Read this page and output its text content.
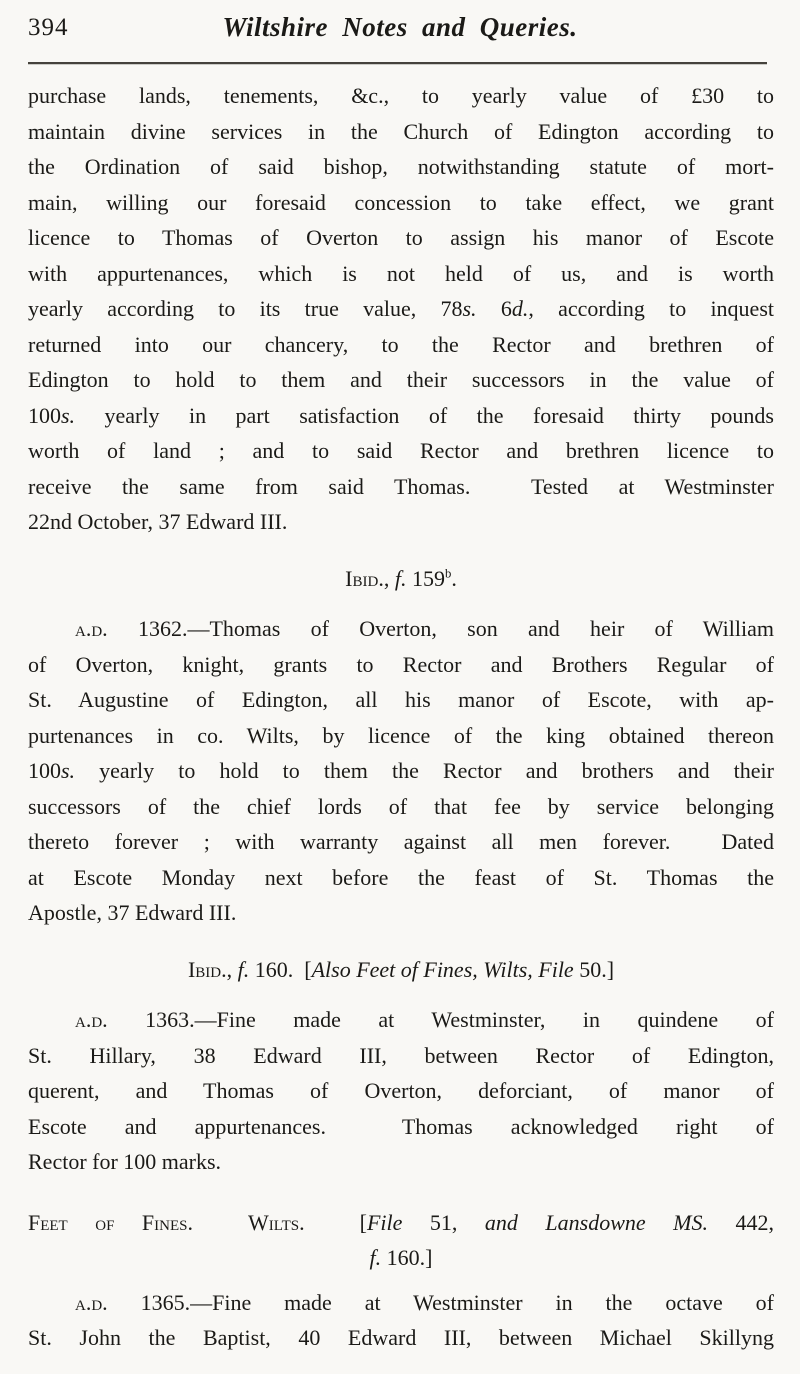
394	Wiltshire Notes and Queries.
purchase lands, tenements, &c., to yearly value of £30 to
maintain divine services in the Church of Edington according to
the Ordination of said bishop, notwithstanding statute of mort-
main, willing our foresaid concession to take effect, we grant
licence to Thomas of Overton to assign his manor of Escote
with appurtenances, which is not held of us, and is worth
yearly according to its true value, 78s. 6d., according to inquest
returned into our chancery, to the Rector and brethren of
Edington to hold to them and their successors in the value of
100s. yearly in part satisfaction of the foresaid thirty pounds
worth of land ; and to said Rector and brethren licence to
receive the same from said Thomas.  Tested at Westminster
22nd October, 37 Edward III.
Ibid., f. 159$^b$.
a.d. 1362.—Thomas of Overton, son and heir of William
of Overton, knight, grants to Rector and Brothers Regular of
St. Augustine of Edington, all his manor of Escote, with ap-
purtenances in co. Wilts, by licence of the king obtained thereon
100s. yearly to hold to them the Rector and brothers and their
successors of the chief lords of that fee by service belonging
thereto forever ; with warranty against all men forever.  Dated
at Escote Monday next before the feast of St. Thomas the
Apostle, 37 Edward III.
Ibid., f. 160.  [Also Feet of Fines, Wilts, File 50.]
a.d. 1363.—Fine made at Westminster, in quindene of
St. Hillary, 38 Edward III, between Rector of Edington,
querent, and Thomas of Overton, deforciant, of manor of
Escote and appurtenances.  Thomas acknowledged right of
Rector for 100 marks.
Feet of Fines.	Wilts.  [File 51, and Lansdowne MS. 442,
f. 160.]
a.d. 1365.—Fine made at Westminster in the octave of
St. John the Baptist, 40 Edward III, between Michael Skillyng
